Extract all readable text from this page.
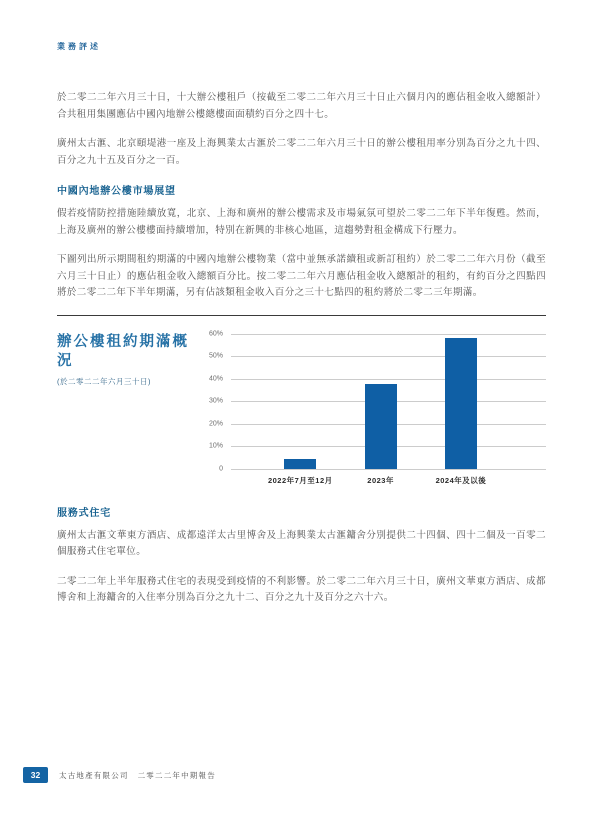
業務評述

於二零二二年六月三十日，十大辦公樓租戶（按截至二零二二年六月三十日止六個月內的應佔租金收入總額計）合共租用集團應佔中國內地辦公樓總樓面面積約百分之四十七。

廣州太古滙、北京頤堤港一座及上海興業太古滙於二零二二年六月三十日的辦公樓租用率分別為百分之九十四、百分之九十五及百分之一百。

中國內地辦公樓市場展望

假若疫情防控措施陸續放寬，北京、上海和廣州的辦公樓需求及市場氣氛可望於二零二二年下半年復甦。然而，上海及廣州的辦公樓樓面持續增加，特別在新興的非核心地區，這趨勢對租金構成下行壓力。

下圖列出所示期間租約期滿的中國內地辦公樓物業（當中並無承諾續租或新訂租約）於二零二二年六月份（截至六月三十日止）的應佔租金收入總額百分比。按二零二二年六月應佔租金收入總額計的租約，有約百分之四點四將於二零二二年下半年期滿，另有佔該類租金收入百分之三十七點四的租約將於二零二三年期滿。

辦公樓租約期滿概況
(於二零二二年六月三十日)
60%
50%
40%
30%
20%
10%
0
2022年7月至12月	2023年	2024年及以後
服務式住宅

廣州太古滙文華東方酒店、成都遠洋太古里博舍及上海興業太古滙鏞舍分別提供二十四個、四十二個及一百零二個服務式住宅單位。

二零二二年上半年服務式住宅的表現受到疫情的不利影響。於二零二二年六月三十日，廣州文華東方酒店、成都博舍和上海鏞舍的入住率分別為百分之九十二、百分之九十及百分之六十六。

32	太古地產有限公司 二零二二年中期報告
